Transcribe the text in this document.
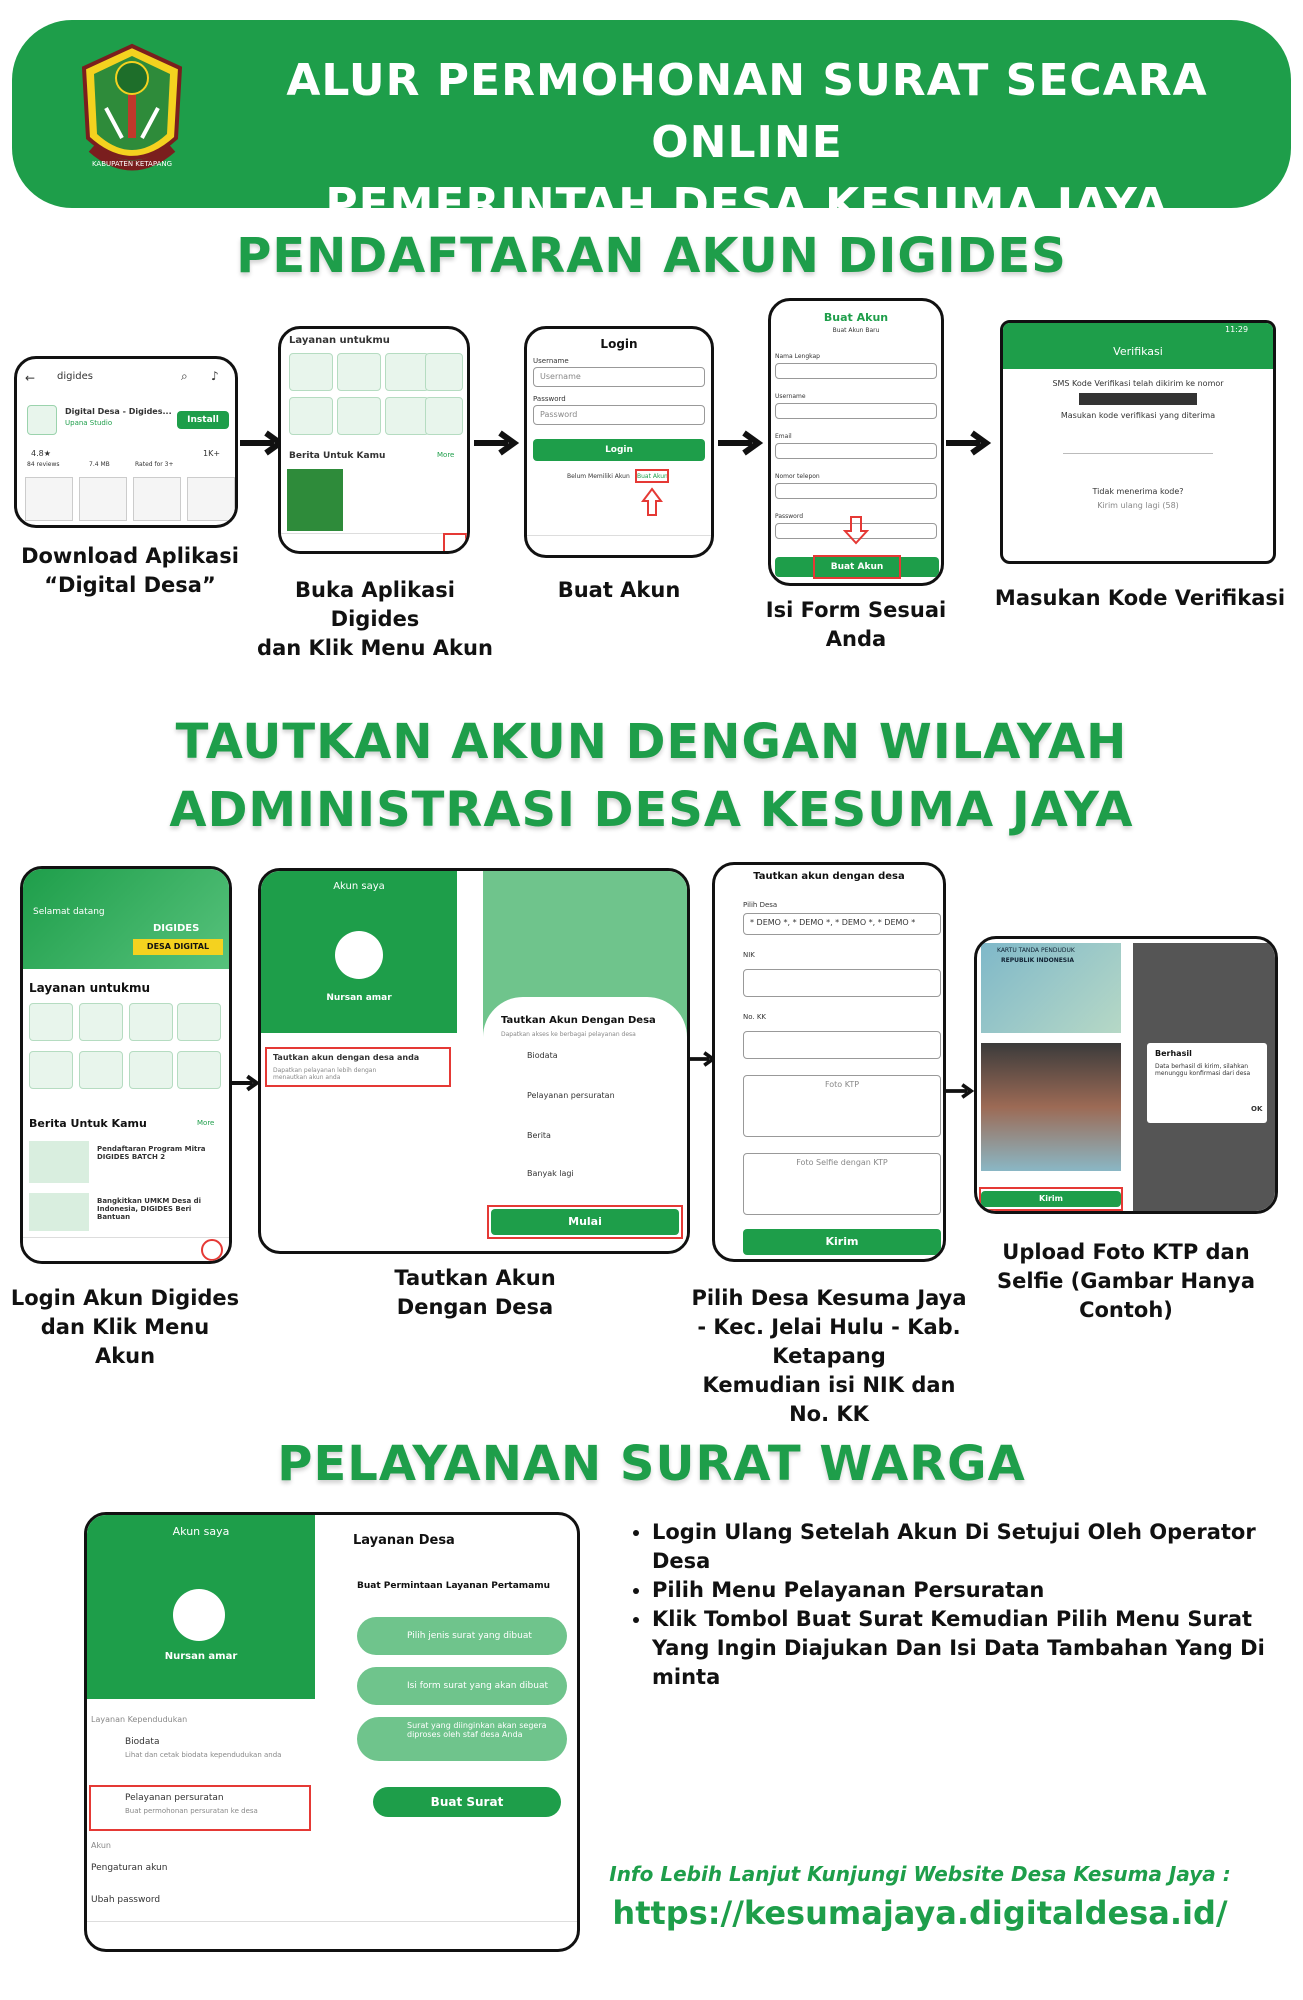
KABUPATEN KETAPANG
ALUR PERMOHONAN SURAT SECARA ONLINE
PEMERINTAH DESA KESUMA JAYA
PENDAFTARAN AKUN DIGIDES
← digides	⌕ ♪
Digital Desa - Digides...
Upana Studio	Install
4.8★
84 reviews	7.4 MB	Rated for 3+
1K+
Download Aplikasi
“Digital Desa”
Layanan untukmu
Berita Untuk Kamu	More
Buka Aplikasi Digides
dan Klik Menu Akun
Login
Username
Username
Password
Password
Login
Belum Memiliki Akun Buat Akun
Buat Akun
Buat Akun
Buat Akun Baru
Nama Lengkap
Username
Email
Nomor telepon
Password
Buat Akun
Isi Form Sesuai
Anda
11:29
Verifikasi
SMS Kode Verifikasi telah dikirim ke nomor
Masukan kode verifikasi yang diterima
Tidak menerima kode?
Kirim ulang lagi (58)
Masukan Kode Verifikasi
TAUTKAN AKUN DENGAN WILAYAH
ADMINISTRASI DESA KESUMA JAYA
Selamat datang
DIGIDES
DESA DIGITAL
Layanan untukmu
Berita Untuk Kamu	More
Pendaftaran Program Mitra DIGIDES BATCH 2
Bangkitkan UMKM Desa di Indonesia, DIGIDES Beri Bantuan
Login Akun Digides
dan Klik Menu Akun
Akun saya
Nursan amar
Tautkan akun dengan desa anda
Dapatkan pelayanan lebih dengan menautkan akun anda
Tautkan Akun Dengan Desa
Dapatkan akses ke berbagai pelayanan desa
Biodata
Pelayanan persuratan
Berita
Banyak lagi
Mulai
Tautkan Akun
Dengan Desa
Tautkan akun dengan desa
Pilih Desa
* DEMO *, * DEMO *, * DEMO *, * DEMO *
NIK
No. KK
Foto KTP
Foto Selfie dengan KTP
Kirim
Pilih Desa Kesuma Jaya
- Kec. Jelai Hulu - Kab.
Ketapang
Kemudian isi NIK dan
No. KK
KARTU TANDA PENDUDUK
REPUBLIK INDONESIA
Kirim
Berhasil
Data berhasil di kirim, silahkan menunggu konfirmasi dari desa
OK
Upload Foto KTP dan
Selfie (Gambar Hanya
Contoh)
PELAYANAN SURAT WARGA
Akun saya
NO PHOTO
Nursan amar
Layanan Kependudukan
Biodata
Lihat dan cetak biodata kependudukan anda
Pelayanan persuratan
Buat permohonan persuratan ke desa
Akun
Pengaturan akun
Ubah password
Layanan Desa
Buat Permintaan Layanan Pertamamu
Pilih jenis surat yang dibuat
Isi form surat yang akan dibuat
Surat yang diinginkan akan segera diproses oleh staf desa Anda
Buat Surat
• Login Ulang Setelah Akun Di Setujui Oleh Operator Desa
• Pilih Menu Pelayanan Persuratan
• Klik Tombol Buat Surat Kemudian Pilih Menu Surat Yang Ingin Diajukan Dan Isi Data Tambahan Yang Di minta
Info Lebih Lanjut Kunjungi Website Desa Kesuma Jaya :
https://kesumajaya.digitaldesa.id/
